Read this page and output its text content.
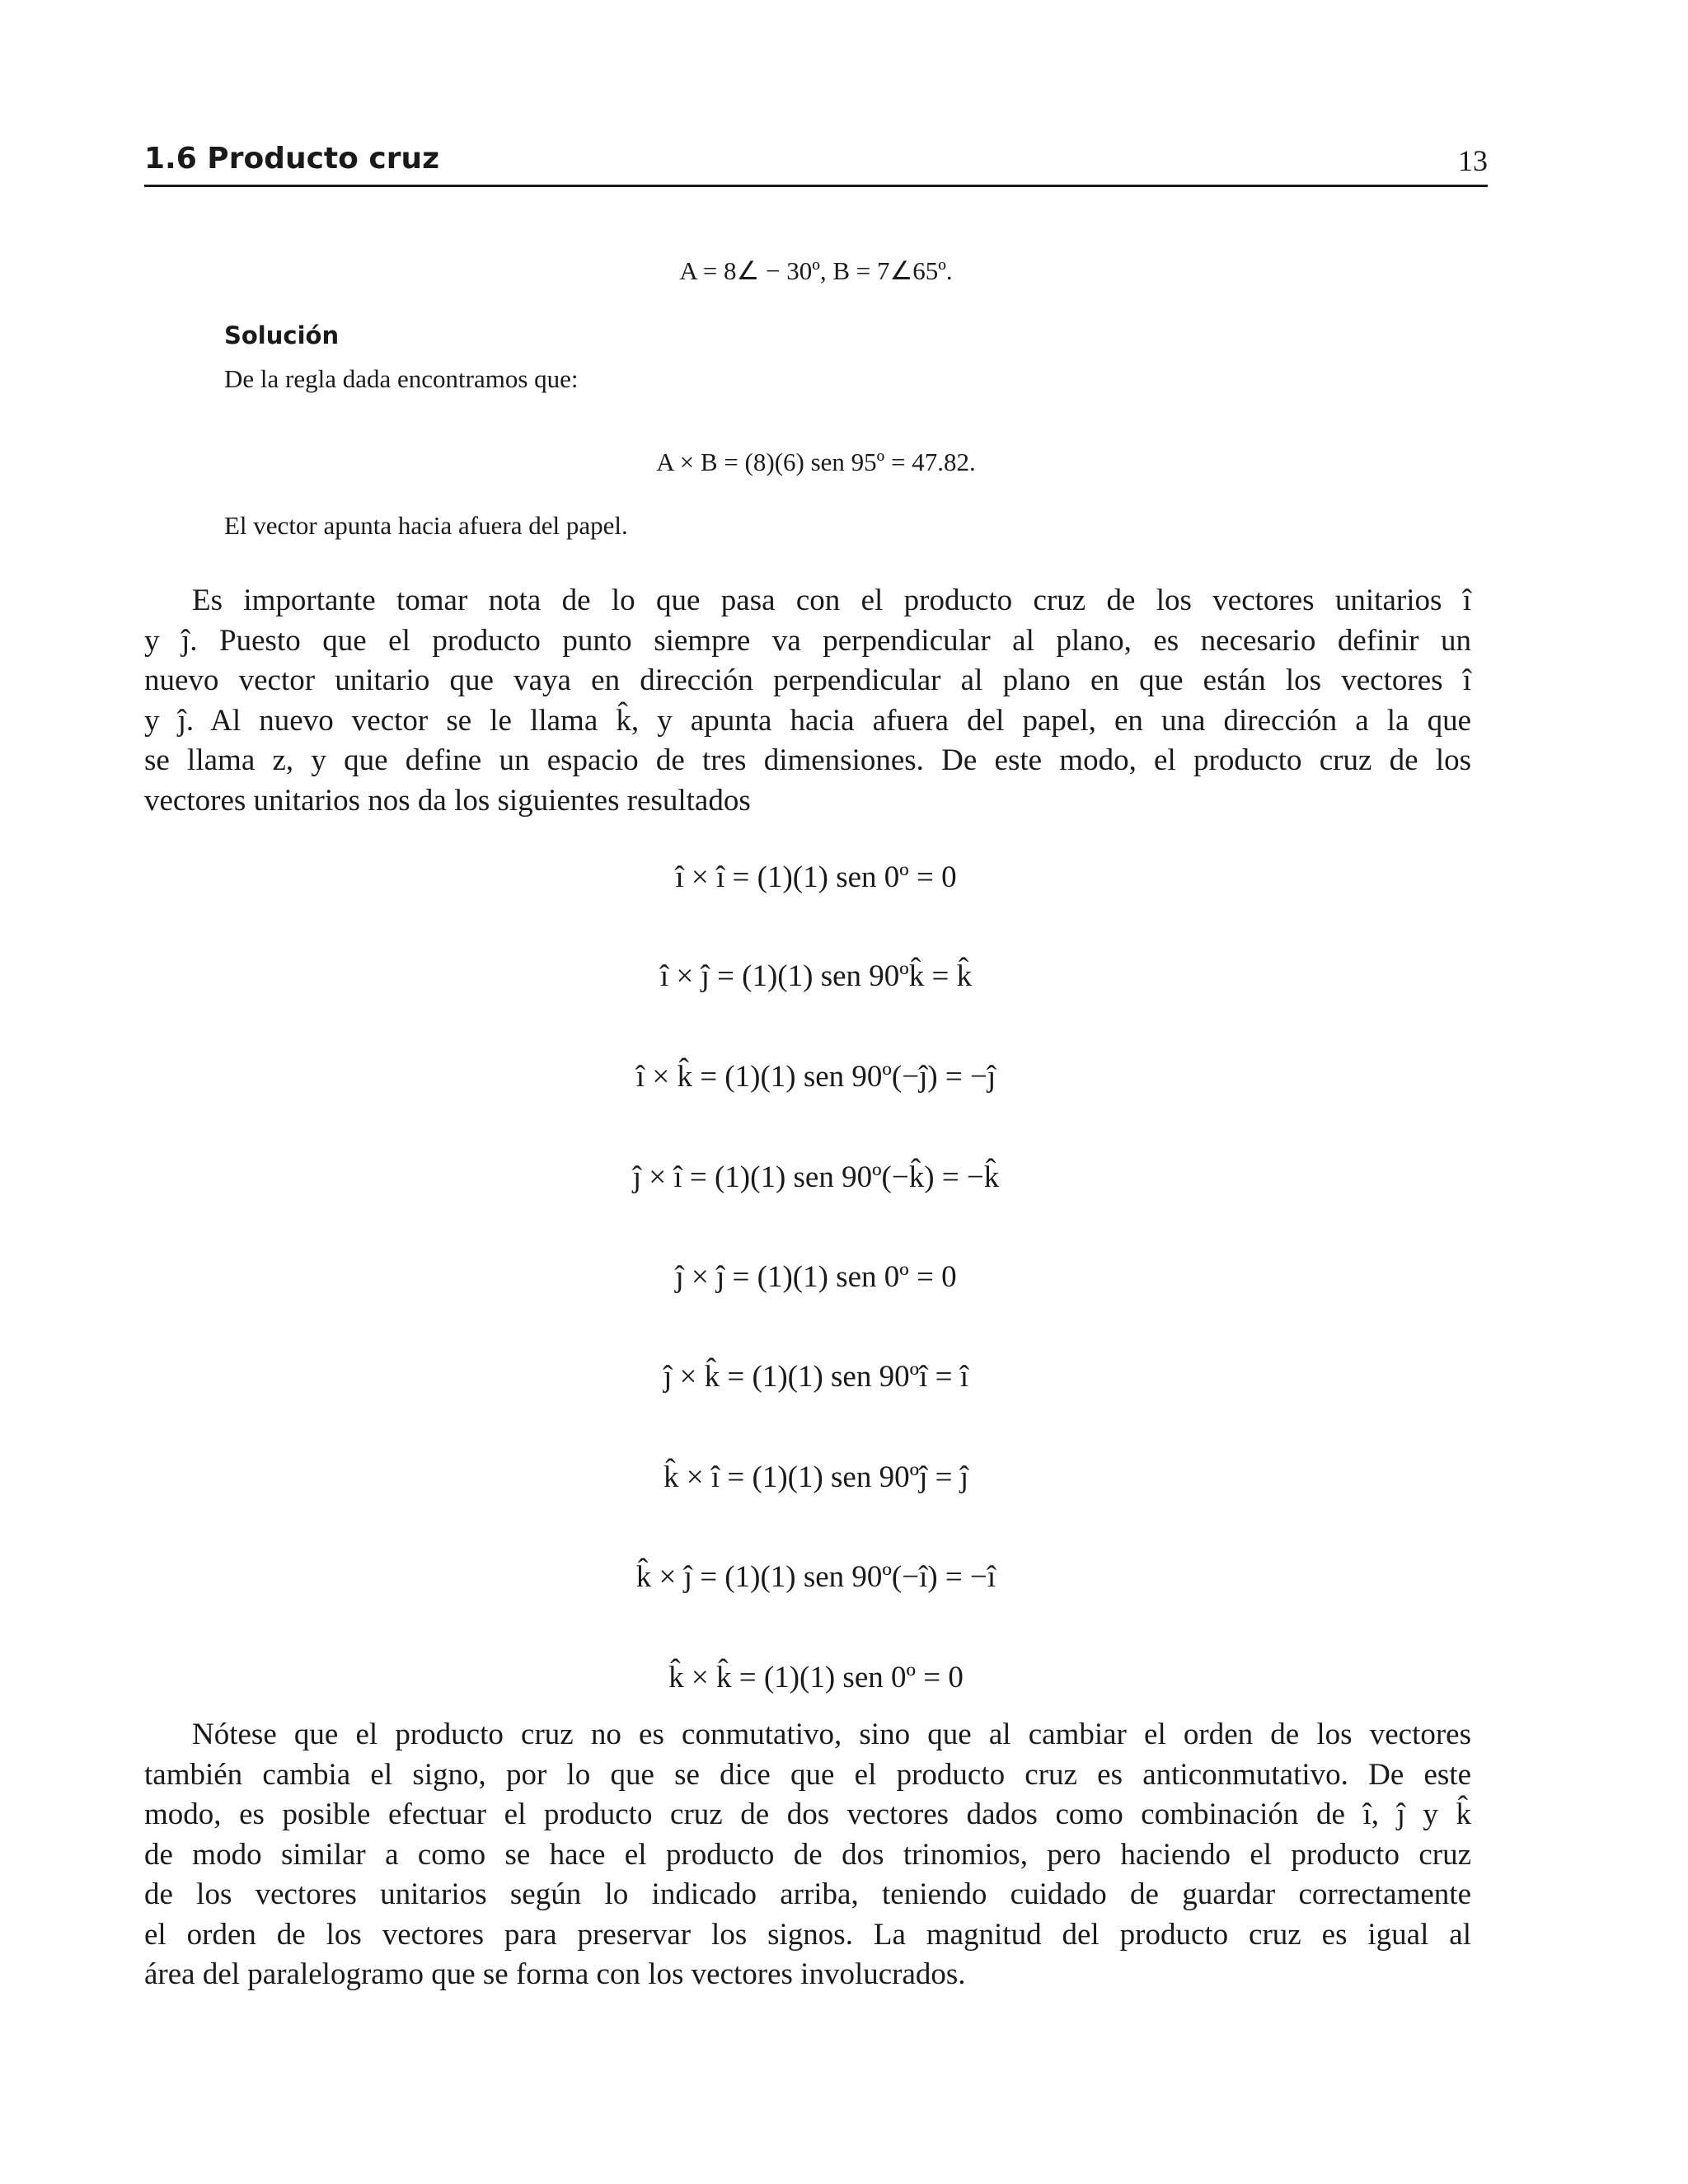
1.6 Producto cruz	13
A = 8∠ − 30º, B = 7∠65º.
Solución
De la regla dada encontramos que:
A × B = (8)(6) sen 95º = 47.82.
El vector apunta hacia afuera del papel.
Es importante tomar nota de lo que pasa con el producto cruz de los vectores unitarios î
y ĵ. Puesto que el producto punto siempre va perpendicular al plano, es necesario definir un
nuevo vector unitario que vaya en dirección perpendicular al plano en que están los vectores î
y ĵ. Al nuevo vector se le llama k̂, y apunta hacia afuera del papel, en una dirección a la que
se llama z, y que define un espacio de tres dimensiones. De este modo, el producto cruz de los
vectores unitarios nos da los siguientes resultados
î × î = (1)(1) sen 0º = 0
î × ĵ = (1)(1) sen 90ºk̂ = k̂
î × k̂ = (1)(1) sen 90º(−ĵ) = −ĵ
ĵ × î = (1)(1) sen 90º(−k̂) = −k̂
ĵ × ĵ = (1)(1) sen 0º = 0
ĵ × k̂ = (1)(1) sen 90ºî = î
k̂ × î = (1)(1) sen 90ºĵ = ĵ
k̂ × ĵ = (1)(1) sen 90º(−î) = −î
k̂ × k̂ = (1)(1) sen 0º = 0
Nótese que el producto cruz no es conmutativo, sino que al cambiar el orden de los vectores
también cambia el signo, por lo que se dice que el producto cruz es anticonmutativo. De este
modo, es posible efectuar el producto cruz de dos vectores dados como combinación de î, ĵ y k̂
de modo similar a como se hace el producto de dos trinomios, pero haciendo el producto cruz
de los vectores unitarios según lo indicado arriba, teniendo cuidado de guardar correctamente
el orden de los vectores para preservar los signos. La magnitud del producto cruz es igual al
área del paralelogramo que se forma con los vectores involucrados.
